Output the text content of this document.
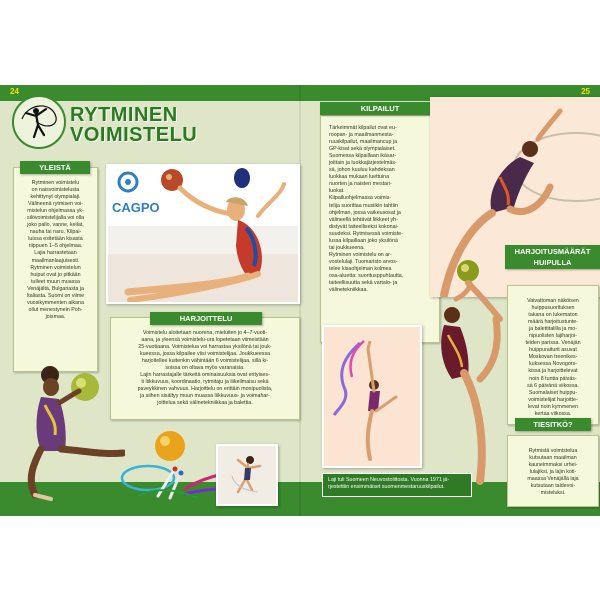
24	25
RYTMINEN
VOIMISTELU
Rytminen voimistelu
on naisvoimistelusta
kehittynyt olympialaji.
Välineenä rytmisen voi-
mistelun ohjelmassa yk-
silövoimistelijalla voi olla
joko pallo, vanne, keilat,
nauha tai naru. Kilpai-
luissa esitetään kisasta
riippuen 1–5 ohjelmaa.
Lajia harrastetaan
maailmanlaajuisesti.
Rytminen voimistelun
huiput ovat jo pitkään
tulleet muun muassa
Venäjältä, Bulgariasta ja
Italiasta. Suomi on viime
vuosikymmenten aikana
ollut menestynein Poh-
joismaa.
YLEISTÄ
CAGPO
Voimistelu aloitetaan nuorena, mieluiten jo 4–7-vuoti-
aana, ja yleensä voimistelu-ura lopetetaan viimeistään
25-vuotiaana. Voimistelua voi harrastaa yksilönä tai jouk-
kueessa, jossa kilpailee viisi voimistelijaa. Joukkueessa
harjoitellee kuitenkin vähintään 6 voimistelijaa, sillä ki-
soissa on oltava myös varanaisia.
Lajin harrastajalle tärkeitä ominaisuuksia ovat erityises-
ti liikkuvuus, koordinaatio, rytmitaju ja liikeilmaisu sekä
paveykkinen vahvuus. Harjoittelu on erittäin monipuolista,
ja siihen sisältyy muun muassa liikkuvuus- ja voimahar-
joittelua sekä välinetekniikkaa ja balettia.
HARJOITTELU
Tärkeimmät kilpailut ovat eu-
roopan- ja maailmanmesta-
ruuskilpailut, maailmancup ja
GP-kisat sekä olympialaiset.
Suomessa kilpaillaan ikäsar-
joittain ja luokkajärjestelmäs-
sä, johon kuuluu kahdeksan
luokkaa mukaan luettuina
nuorten ja naisten mestari-
luokat.
Kilpailuohjelmassa voimis-
telija suorittaa musiikin tahtiin
ohjelman, jossa vaikeusosat ja
välineellä tehtävät liikkeet yh-
distyvät taiteelliseksi kokonai-
suudeksi. Rytmisessä voimiste-
lussa kilpaillaan joko yksilönä
tai joukkueena.
Rytminen voimistelu on ar-
vostelulaji. Tuomaristo arvos-
telee kisaohjelman kolmea
osa-aluetta: suoritusppuhtautta,
taiteellisuutta sekä vartalo- ja
välinetekniikkaa.
KILPAILUT
Vaivattoman näköisen
huippusuorituksen
takana on lukematon
määrä harjoitustunte-
ja balettitalilla ja mo-
nipuolisten lajiharjoi-
teiden parissa. Venäjän
huippuraiturit asuvat
Moskovan treenikes-
kuksessa Novogors-
kissa ja harjoittelevat
noin 8 tuntia päiväs-
sä 6 päivänä viikossa.
Suomalaiset huippu-
voimistelijat harjoitte-
levat noin kymmenen
kertaa viikossa.
HARJOITUSMÄÄRÄT
HUIPULLA
Rytmistä voimistelua
kutsutaan maailman
kauneimmaksi urhei-
lulajiksi, ja lajin koti-
maassa Venäjällä laja
kutsutaan taidevoi-
misteluksi.
TIESITKÖ?
Laji tuli Suomeen Neuvostoliitosta. Vuonna 1971 jä-
rjestettiin ensimmäiset suomenmestaruuskilpailut.
